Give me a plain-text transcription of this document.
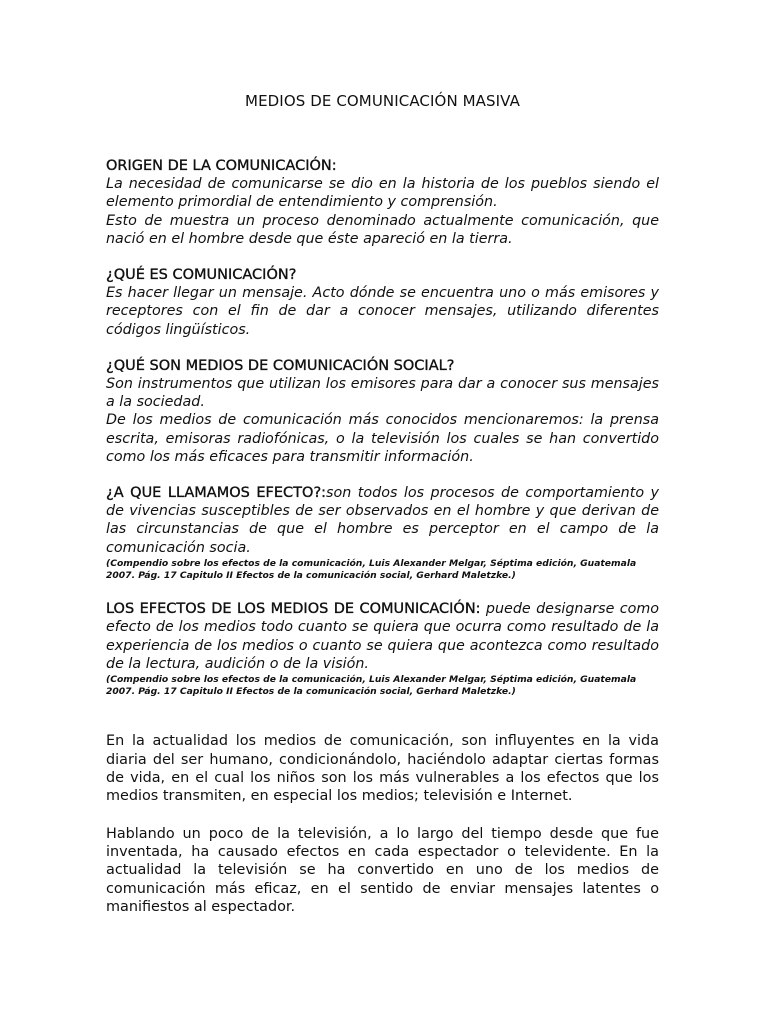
MEDIOS DE COMUNICACIÓN MASIVA
ORIGEN DE LA COMUNICACIÓN:

La necesidad de comunicarse se dio en la historia de los pueblos siendo el elemento primordial de entendimiento y comprensión.

Esto de muestra un proceso denominado actualmente comunicación, que nació en el hombre desde que éste apareció en la tierra.

¿QUÉ ES COMUNICACIÓN?

Es hacer llegar un mensaje. Acto dónde se encuentra uno o más emisores y receptores con el fin de dar a conocer mensajes, utilizando diferentes códigos lingüísticos.

¿QUÉ SON MEDIOS DE COMUNICACIÓN SOCIAL?

Son instrumentos que utilizan los emisores para dar a conocer sus mensajes a la sociedad.

De los medios de comunicación más conocidos mencionaremos: la prensa escrita, emisoras radiofónicas, o la televisión los cuales se han convertido como los más eficaces para transmitir información.

¿A QUE LLAMAMOS EFECTO?:son todos los procesos de comportamiento y de vivencias susceptibles de ser observados en el hombre y que derivan de las circunstancias de que el hombre es perceptor en el campo de la comunicación socia.

(Compendio sobre los efectos de la comunicación, Luis Alexander Melgar, Séptima edición, Guatemala 2007. Pág. 17 Capitulo II Efectos de la comunicación social, Gerhard Maletzke.)

LOS EFECTOS DE LOS MEDIOS DE COMUNICACIÓN: puede designarse como efecto de los medios todo cuanto se quiera que ocurra como resultado de la experiencia de los medios o cuanto se quiera que acontezca como resultado de la lectura, audición o de la visión.

(Compendio sobre los efectos de la comunicación, Luis Alexander Melgar, Séptima edición, Guatemala 2007. Pág. 17 Capitulo II Efectos de la comunicación social, Gerhard Maletzke.)

En la actualidad los medios de comunicación, son influyentes en la vida diaria del ser humano, condicionándolo, haciéndolo adaptar ciertas formas de vida, en el cual los niños son los más vulnerables a los efectos que los medios transmiten, en especial los medios; televisión e Internet.

Hablando un poco de la televisión, a lo largo del tiempo desde que fue inventada, ha causado efectos en cada espectador o televidente. En la actualidad la televisión se ha convertido en uno de los medios de comunicación más eficaz, en el sentido de enviar mensajes latentes o manifiestos al espectador.
